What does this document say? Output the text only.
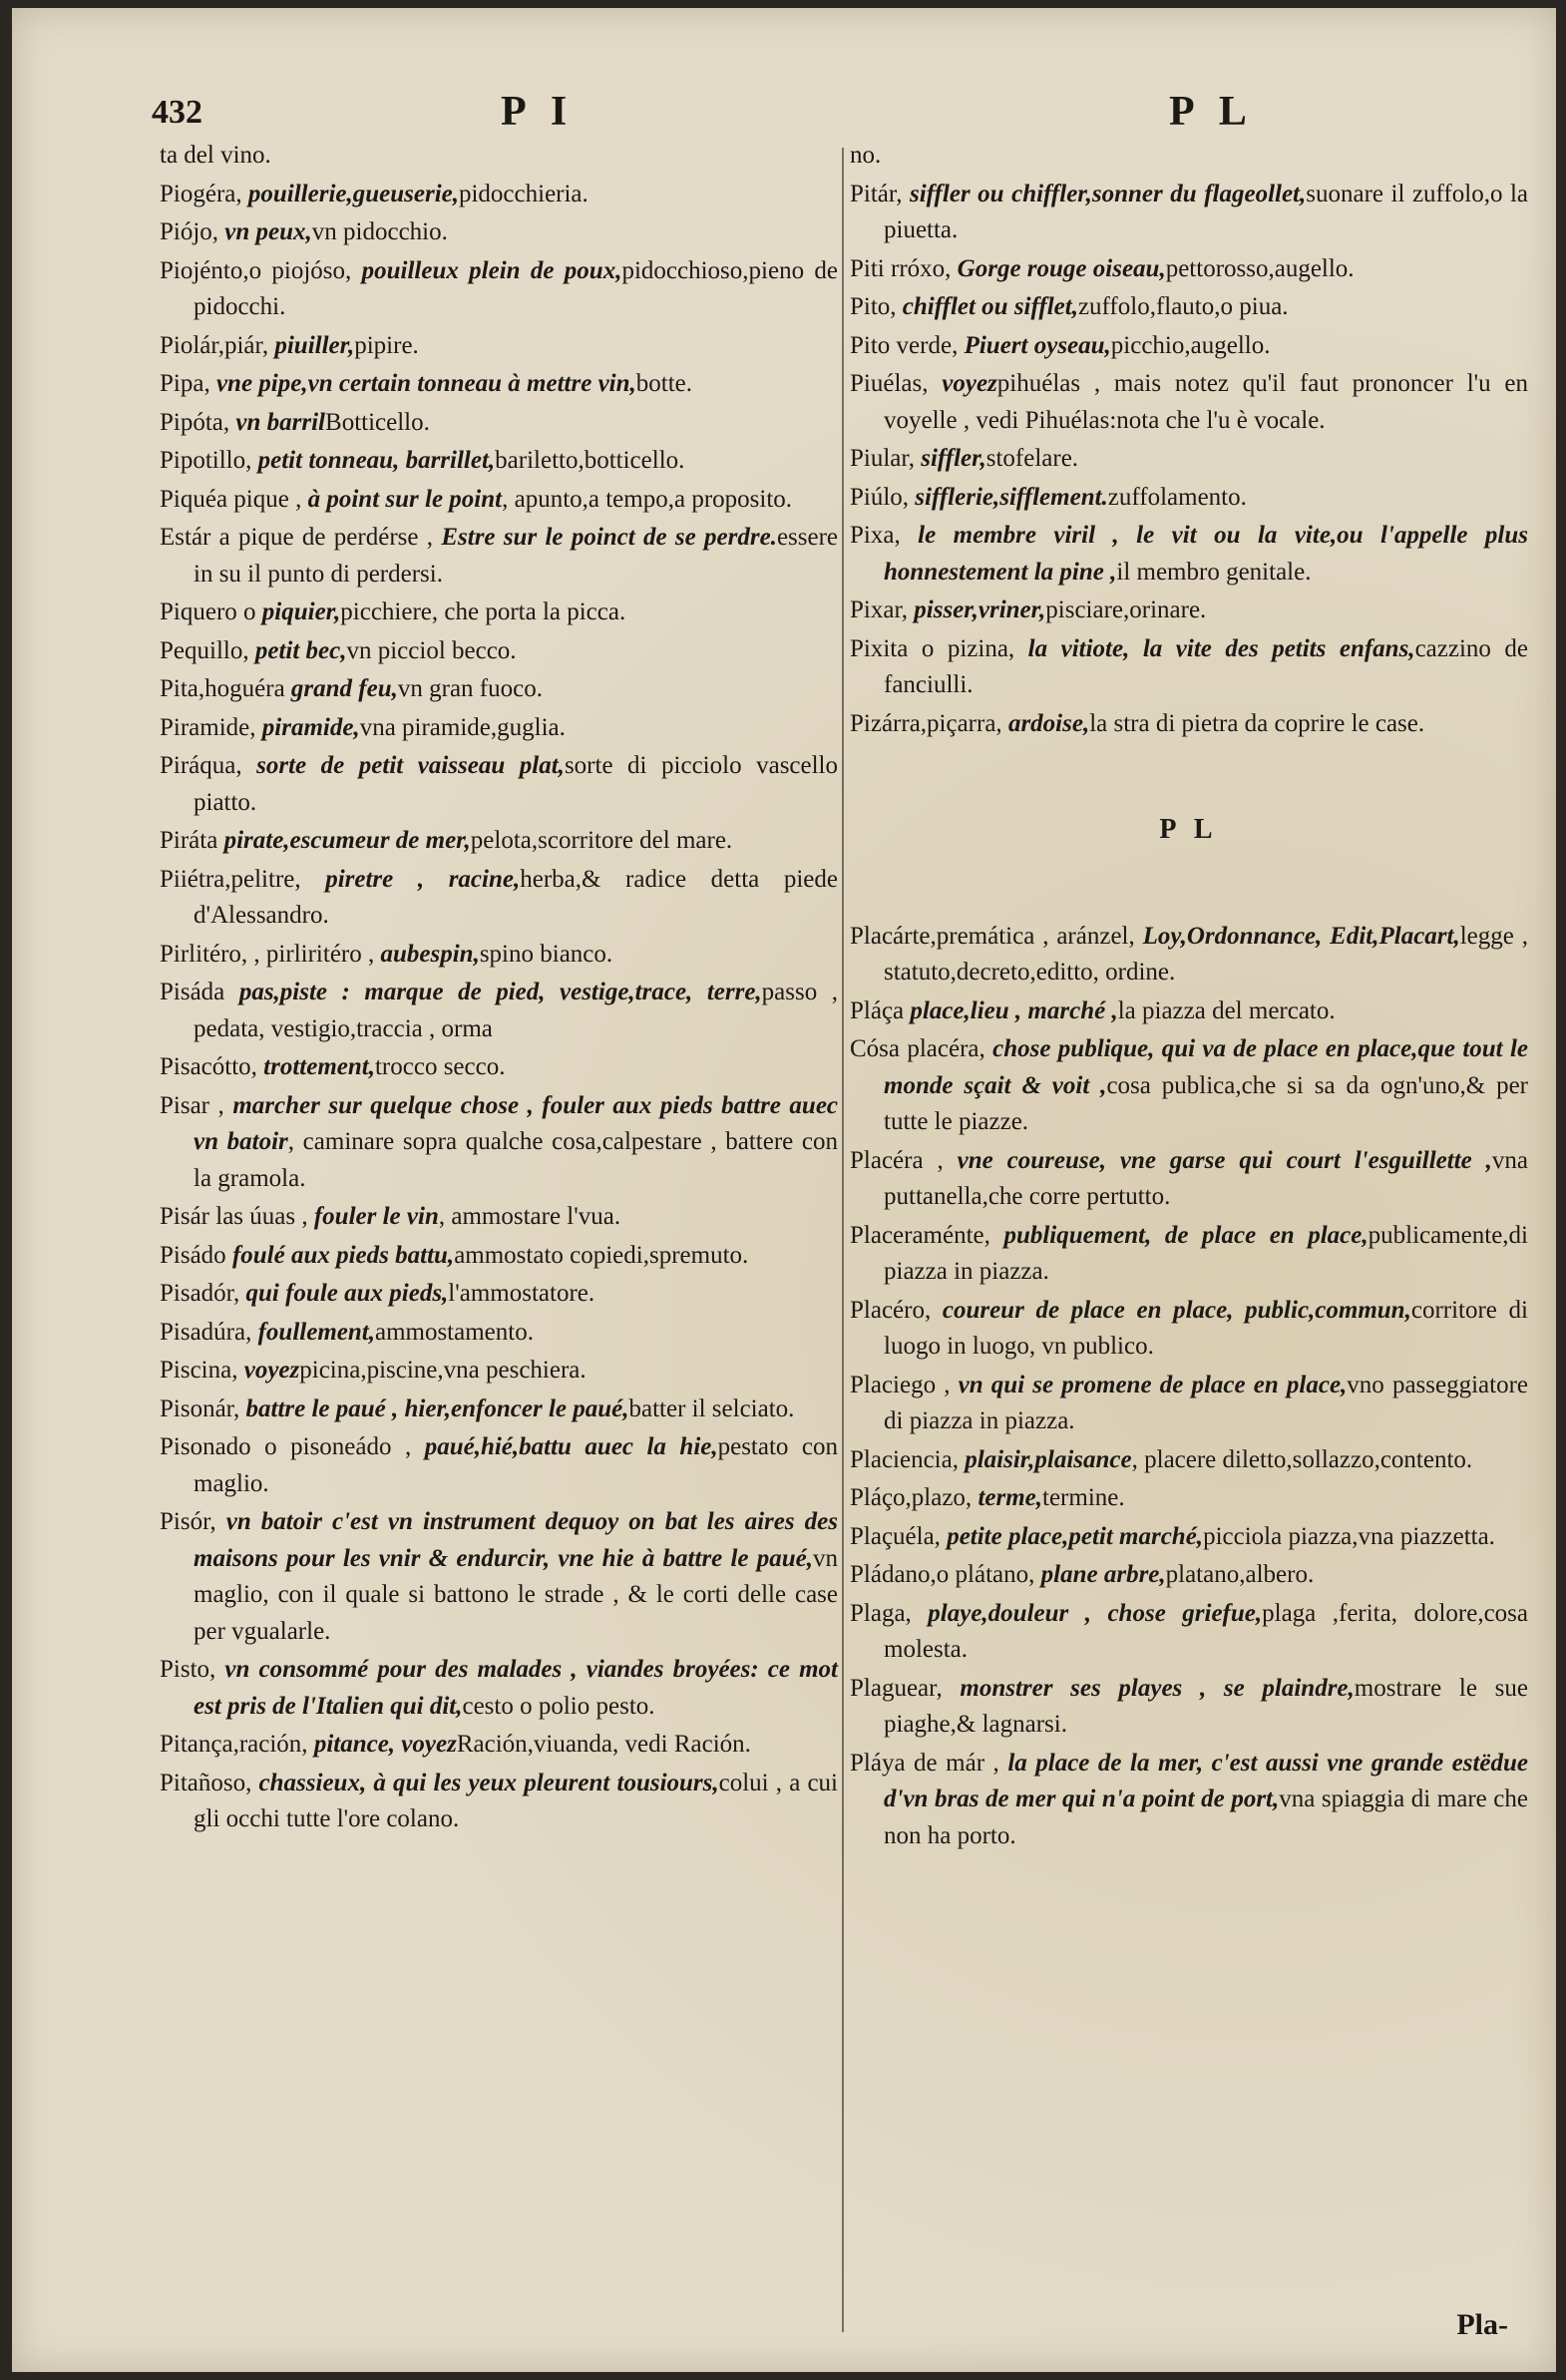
432	P I	P L
ta del vino.
Piogéra, pouillerie,gueuserie,pidocchieria.
Piójo, vn peux,vn pidocchio.
Piojénto,o piojóso, pouilleux plein de poux,pidocchioso,pieno de pidocchi.
Piolár,piár, piuiller,pipire.
Pipa, vne pipe,vn certain tonneau à mettre vin,botte.
Pipóta, vn barrilBotticello.
Pipotillo, petit tonneau, barrillet,bariletto,botticello.
Piquéa pique , à point sur le point, apunto,a tempo,a proposito.
Estár a pique de perdérse , Estre sur le poinct de se perdre.essere in su il punto di perdersi.
Piquero o piquier,picchiere, che porta la picca.
Pequillo, petit bec,vn picciol becco.
Pita,hoguéra grand feu,vn gran fuoco.
Piramide, piramide,vna piramide,guglia.
Piráqua, sorte de petit vaisseau plat,sorte di picciolo vascello piatto.
Piráta pirate,escumeur de mer,pelota,scorritore del mare.
Piiétra,pelitre, piretre , racine,herba,& radice detta piede d'Alessandro.
Pirlitéro, , pirliritéro , aubespin,spino bianco.
Pisáda pas,piste : marque de pied, vestige,trace, terre,passo , pedata, vestigio,traccia , orma
Pisacótto, trottement,trocco secco.
Pisar , marcher sur quelque chose , fouler aux pieds battre auec vn batoir, caminare sopra qualche cosa,calpestare , battere con la gramola.
Pisár las úuas , fouler le vin, ammostare l'vua.
Pisádo foulé aux pieds battu,ammostato copiedi,spremuto.
Pisadór, qui foule aux pieds,l'ammostatore.
Pisadúra, foullement,ammostamento.
Piscina, voyezpicina,piscine,vna peschiera.
Pisonár, battre le paué , hier,enfoncer le paué,batter il selciato.
Pisonado o pisoneádo , paué,hié,battu auec la hie,pestato con maglio.
Pisór, vn batoir c'est vn instrument dequoy on bat les aires des maisons pour les vnir & endurcir, vne hie à battre le paué,vn maglio, con il quale si battono le strade , & le corti delle case per vgualarle.
Pisto, vn consommé pour des malades , viandes broyées: ce mot est pris de l'Italien qui dit,cesto o polio pesto.
Pitança,ración, pitance, voyezRación,viuanda, vedi Ración.
Pitañoso, chassieux, à qui les yeux pleurent tousiours,colui , a cui gli occhi tutte l'ore colano.
no.
Pitár, siffler ou chiffler,sonner du flageollet,suonare il zuffolo,o la piuetta.
Piti rróxo, Gorge rouge oiseau,pettorosso,augello.
Pito, chifflet ou sifflet,zuffolo,flauto,o piua.
Pito verde, Piuert oyseau,picchio,augello.
Piuélas, voyezpihuélas , mais notez qu'il faut prononcer l'u en voyelle , vedi Pihuélas:nota che l'u è vocale.
Piular, siffler,stofelare.
Piúlo, sifflerie,sifflement.zuffolamento.
Pixa, le membre viril , le vit ou la vite,ou l'appelle plus honnestement la pine ,il membro genitale.
Pixar, pisser,vriner,pisciare,orinare.
Pixita o pizina, la vitiote, la vite des petits enfans,cazzino de fanciulli.
Pizárra,piçarra, ardoise,la stra di pietra da coprire le case.
P L
Placárte,premática , aránzel, Loy,Ordonnance, Edit,Placart,legge , statuto,decreto,editto, ordine.
Pláça place,lieu , marché ,la piazza del mercato.
Cósa placéra, chose publique, qui va de place en place,que tout le monde sçait & voit ,cosa publica,che si sa da ogn'uno,& per tutte le piazze.
Placéra , vne coureuse, vne garse qui court l'esguillette ,vna puttanella,che corre pertutto.
Placeraménte, publiquement, de place en place,publicamente,di piazza in piazza.
Placéro, coureur de place en place, public,commun,corritore di luogo in luogo, vn publico.
Placiego , vn qui se promene de place en place,vno passeggiatore di piazza in piazza.
Placiencia, plaisir,plaisance, placere diletto,sollazzo,contento.
Pláço,plazo, terme,termine.
Plaçuéla, petite place,petit marché,picciola piazza,vna piazzetta.
Pládano,o plátano, plane arbre,platano,albero.
Plaga, playe,douleur , chose griefue,plaga ,ferita, dolore,cosa molesta.
Plaguear, monstrer ses playes , se plaindre,mostrare le sue piaghe,& lagnarsi.
Pláya de már , la place de la mer, c'est aussi vne grande estëdue d'vn bras de mer qui n'a point de port,vna spiaggia di mare che non ha porto.
Pla-
